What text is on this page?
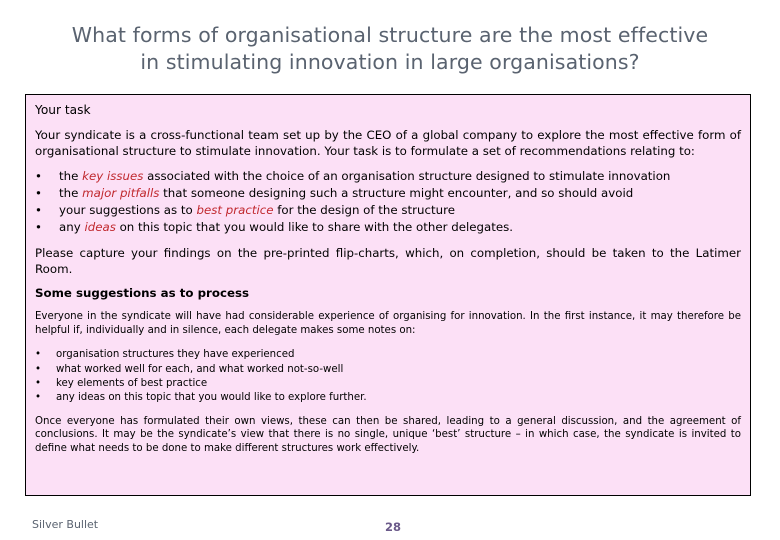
What forms of organisational structure are the most effective
in stimulating innovation in large organisations?
Your task
Your syndicate is a cross-functional team set up by the CEO of a global company to explore the most effective form of organisational structure to stimulate innovation. Your task is to formulate a set of recommendations relating to:
• the key issues associated with the choice of an organisation structure designed to stimulate innovation
• the major pitfalls that someone designing such a structure might encounter, and so should avoid
• your suggestions as to best practice for the design of the structure
• any ideas on this topic that you would like to share with the other delegates.
Please capture your findings on the pre-printed flip-charts, which, on completion, should be taken to the Latimer Room.
Some suggestions as to process
Everyone in the syndicate will have had considerable experience of organising for innovation. In the first instance, it may therefore be helpful if, individually and in silence, each delegate makes some notes on:
• organisation structures they have experienced
• what worked well for each, and what worked not-so-well
• key elements of best practice
• any ideas on this topic that you would like to explore further.
Once everyone has formulated their own views, these can then be shared, leading to a general discussion, and the agreement of conclusions. It may be the syndicate’s view that there is no single, unique ‘best’ structure – in which case, the syndicate is invited to define what needs to be done to make different structures work effectively.
Silver Bullet	28
